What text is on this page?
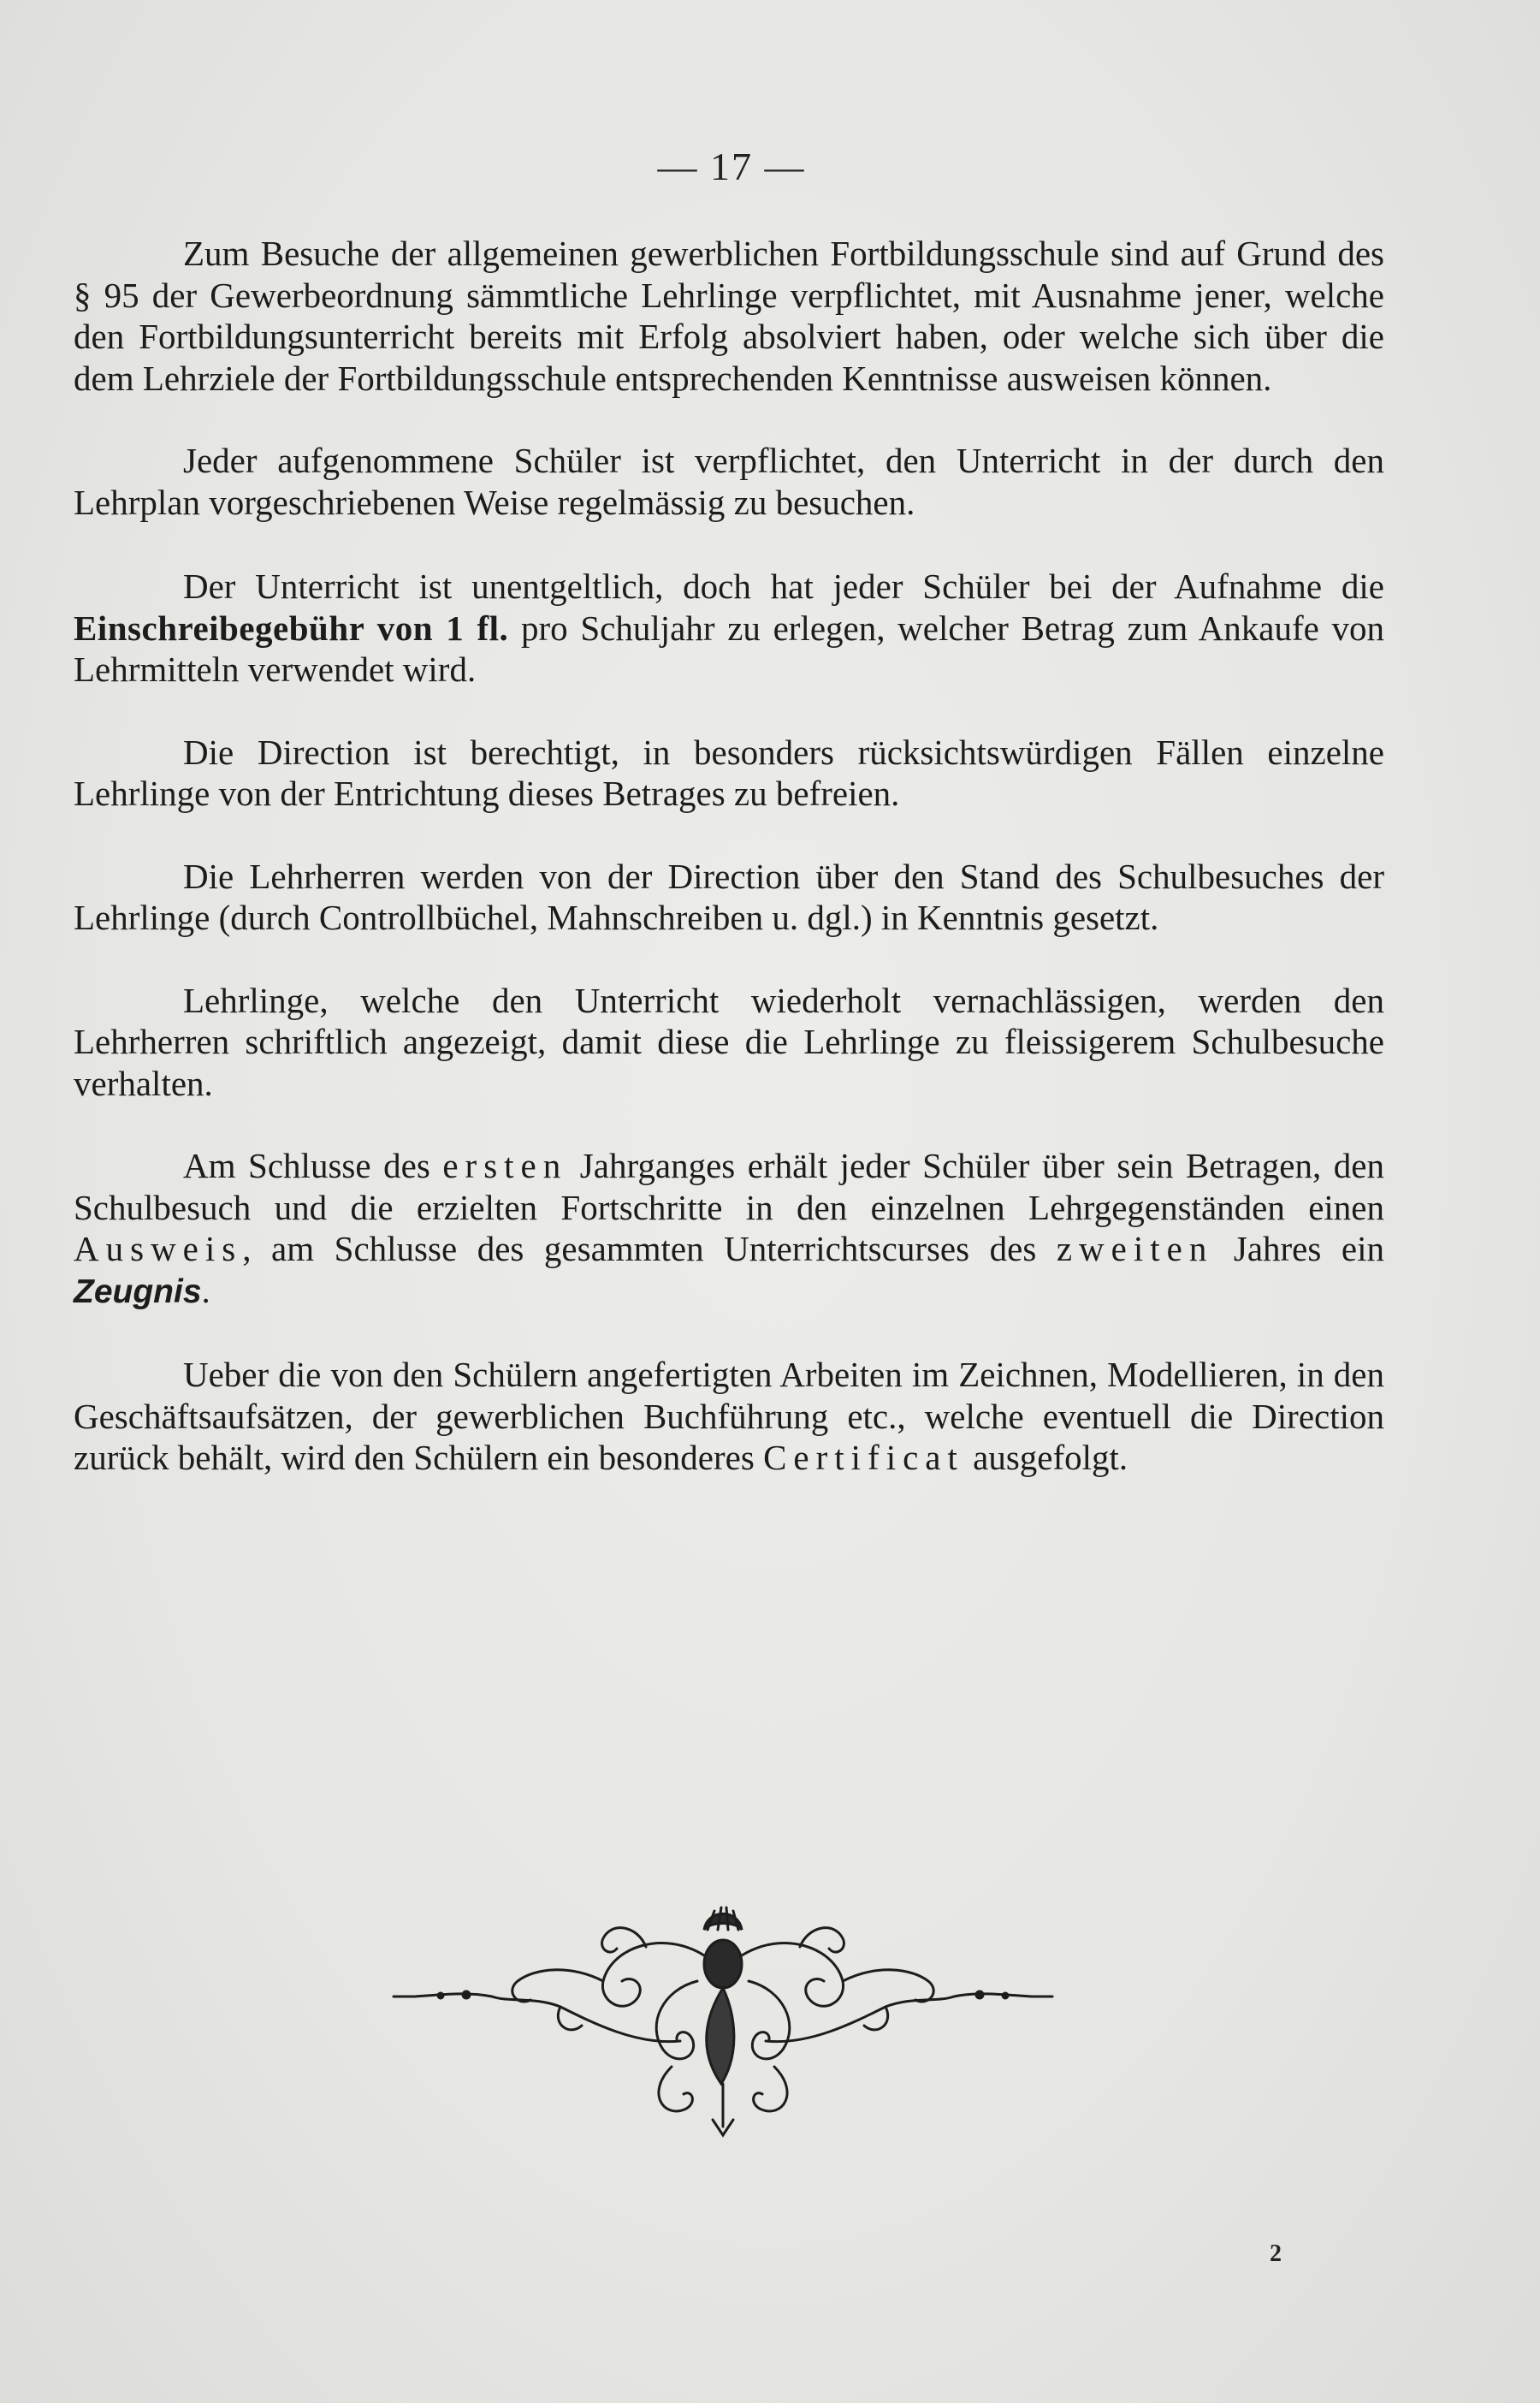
— 17 —

Zum Besuche der allgemeinen gewerblichen Fortbildungsschule sind auf Grund des § 95 der Gewerbeordnung sämmtliche Lehrlinge verpflichtet, mit Ausnahme jener, welche den Fortbildungsunterricht bereits mit Erfolg absolviert haben, oder welche sich über die dem Lehrziele der Fortbildungsschule entsprechenden Kenntnisse ausweisen können.

Jeder aufgenommene Schüler ist verpflichtet, den Unterricht in der durch den Lehrplan vorgeschriebenen Weise regelmässig zu besuchen.

Der Unterricht ist unentgeltlich, doch hat jeder Schüler bei der Aufnahme die Einschreibegebühr von 1 fl. pro Schuljahr zu erlegen, welcher Betrag zum Ankaufe von Lehrmitteln verwendet wird.

Die Direction ist berechtigt, in besonders rücksichtswürdigen Fällen einzelne Lehrlinge von der Entrichtung dieses Betrages zu befreien.

Die Lehrherren werden von der Direction über den Stand des Schulbesuches der Lehrlinge (durch Controllbüchel, Mahnschreiben u. dgl.) in Kenntnis gesetzt.

Lehrlinge, welche den Unterricht wiederholt vernachlässigen, werden den Lehrherren schriftlich angezeigt, damit diese die Lehrlinge zu fleissigerem Schulbesuche verhalten.

Am Schlusse des ersten Jahrganges erhält jeder Schüler über sein Betragen, den Schulbesuch und die erzielten Fortschritte in den einzelnen Lehrgegenständen einen Ausweis, am Schlusse des gesammten Unterrichtscurses des zweiten Jahres ein Zeugnis.

Ueber die von den Schülern angefertigten Arbeiten im Zeichnen, Modellieren, in den Geschäftsaufsätzen, der gewerblichen Buchführung etc., welche eventuell die Direction zurück behält, wird den Schülern ein besonderes Certificat ausgefolgt.

2
